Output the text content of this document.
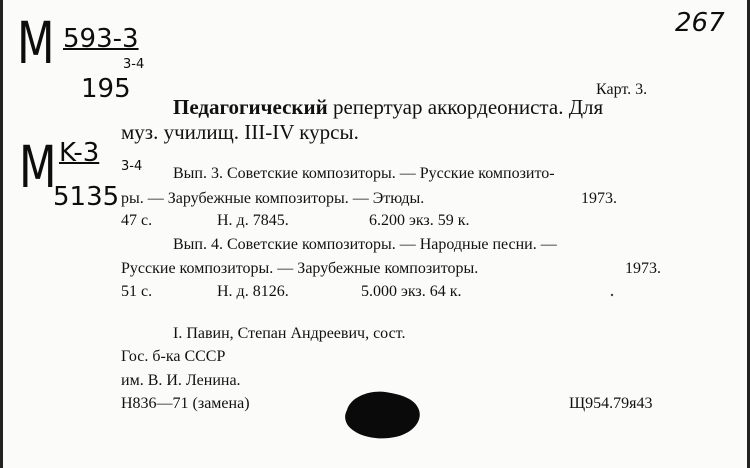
267
M 593-3
195
3-4
M K-3
5135
3-4
Карт. 3.
Педагогический репертуар аккордеониста. Для
муз. училищ. III-IV курсы.
Вып. 3. Советские композиторы. — Русские композито-
ры. — Зарубежные композиторы. — Этюды.	1973.
47 с.	Н. д. 7845.	6.200 экз. 59 к.
Вып. 4. Советские композиторы. — Народные песни. —
Русские композиторы. — Зарубежные композиторы.	1973.
51 с.	Н. д. 8126.	5.000 экз. 64 к.
I. Павин, Степан Андреевич, сост.
Гос. б-ка СССР
им. В. И. Ленина.
Н836—71 (замена)	Щ954.79я43
